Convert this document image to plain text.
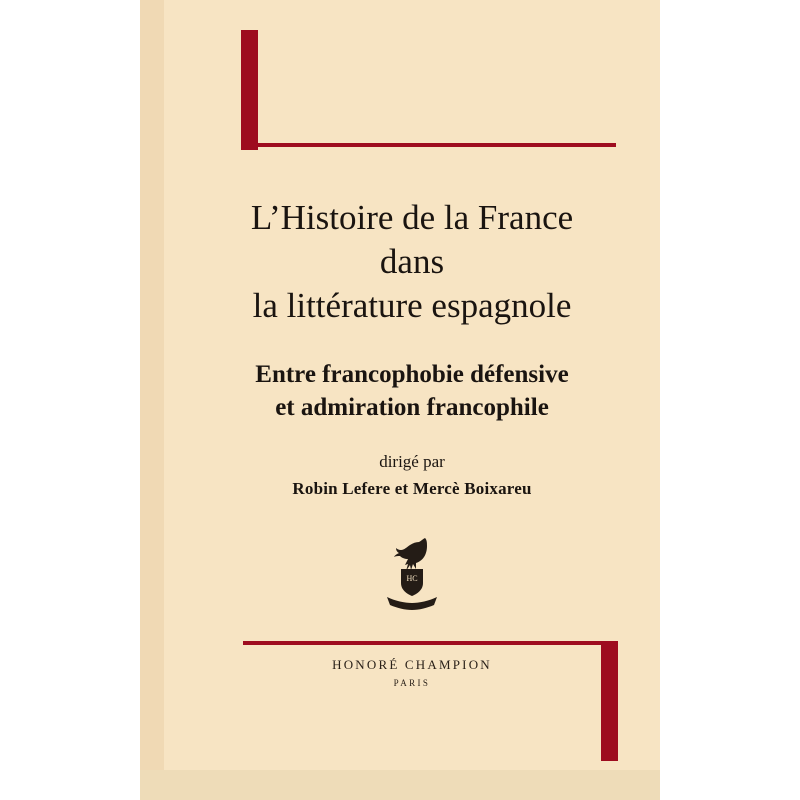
L’Histoire de la France
dans
la littérature espagnole
Entre francophobie défensive
et admiration francophile
dirigé par
Robin Lefere et Mercè Boixareu
HC
HONORÉ CHAMPION
PARIS
